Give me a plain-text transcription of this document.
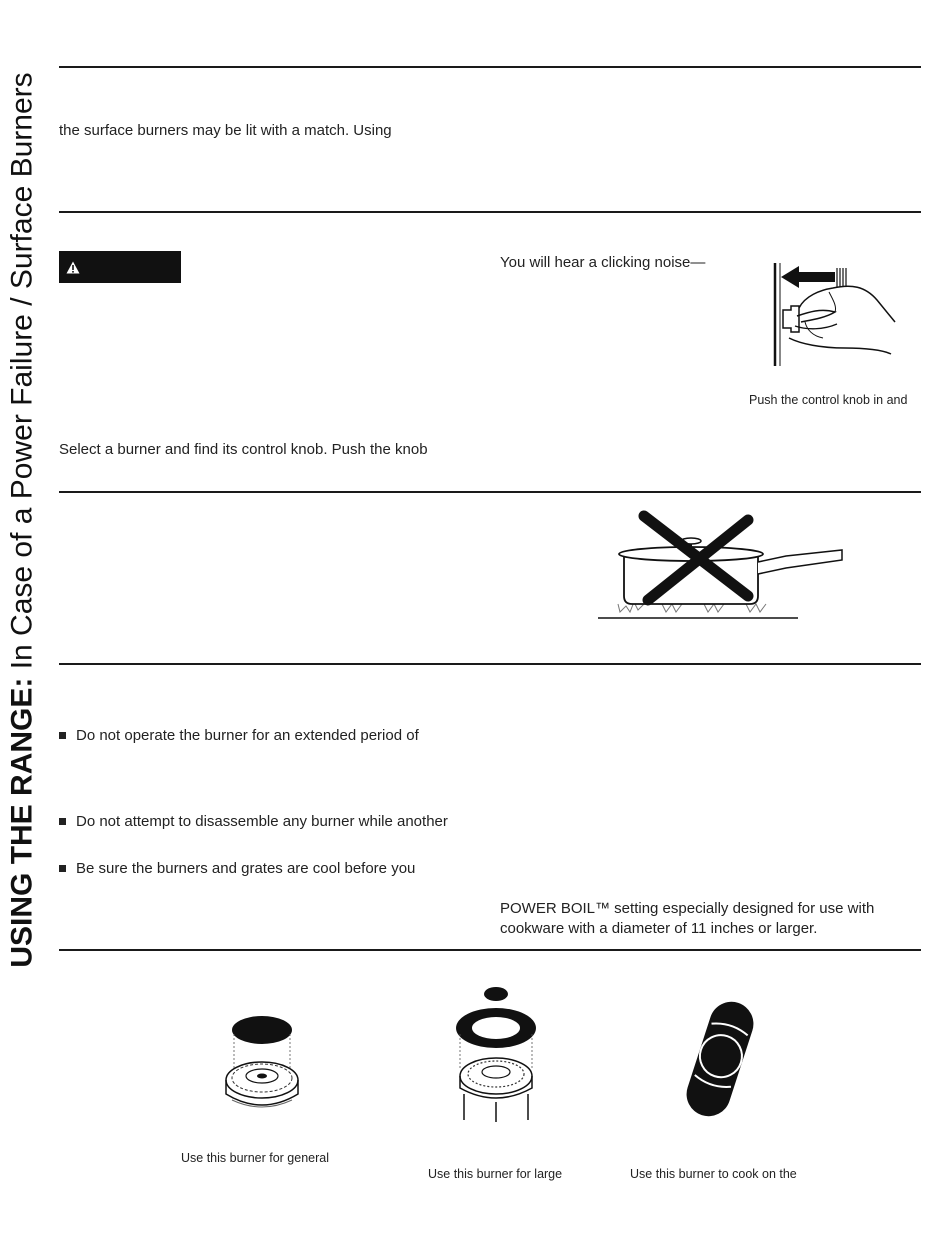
USING THE RANGE: In Case of a Power Failure / Surface Burners the surface burners may be lit with a match. Using
You will hear a clicking noise—
Push the control knob in and
Select a burner and find its control knob. Push the knob
Do not operate the burner for an extended period of
Do not attempt to disassemble any burner while another
Be sure the burners and grates are cool before you
POWER BOIL™ setting especially designed for use with
cookware with a diameter of 11 inches or larger.
Use this burner for general
Use this burner for large	Use this burner to cook on the
